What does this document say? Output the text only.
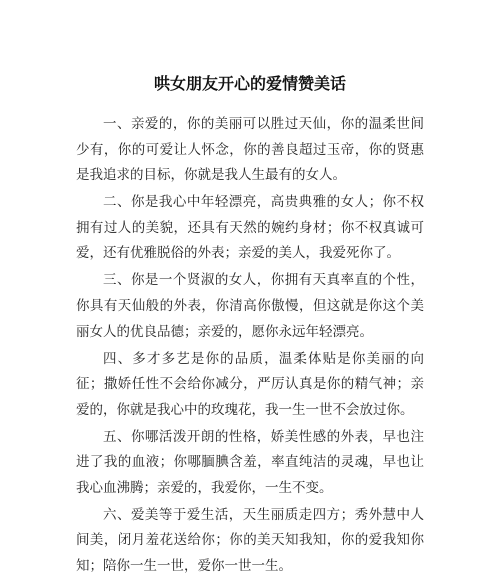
哄女朋友开心的爱情赞美话

一、亲爱的，你的美丽可以胜过天仙，你的温柔世间少有，你的可爱让人怀念，你的善良超过玉帝，你的贤惠是我追求的目标，你就是我人生最有的女人。

二、你是我心中年轻漂亮，高贵典雅的女人；你不权拥有过人的美貌，还具有天然的婉约身材；你不权真诚可爱，还有优雅脱俗的外表；亲爱的美人，我爱死你了。

三、你是一个贤淑的女人，你拥有天真率直的个性，你具有天仙般的外表，你清高你傲慢，但这就是你这个美丽女人的优良品德；亲爱的，愿你永远年轻漂亮。

四、多才多艺是你的品质，温柔体贴是你美丽的向征；撒娇任性不会给你减分，严厉认真是你的精气神；亲爱的，你就是我心中的玫瑰花，我一生一世不会放过你。

五、你哪活泼开朗的性格，娇美性感的外表，早也注进了我的血液；你哪腼腆含羞，率直纯洁的灵魂，早也让我心血沸腾；亲爱的，我爱你，一生不变。

六、爱美等于爱生活，天生丽质走四方；秀外慧中人间美，闭月羞花送给你；你的美天知我知，你的爱我知你知；陪你一生一世，爱你一世一生。
